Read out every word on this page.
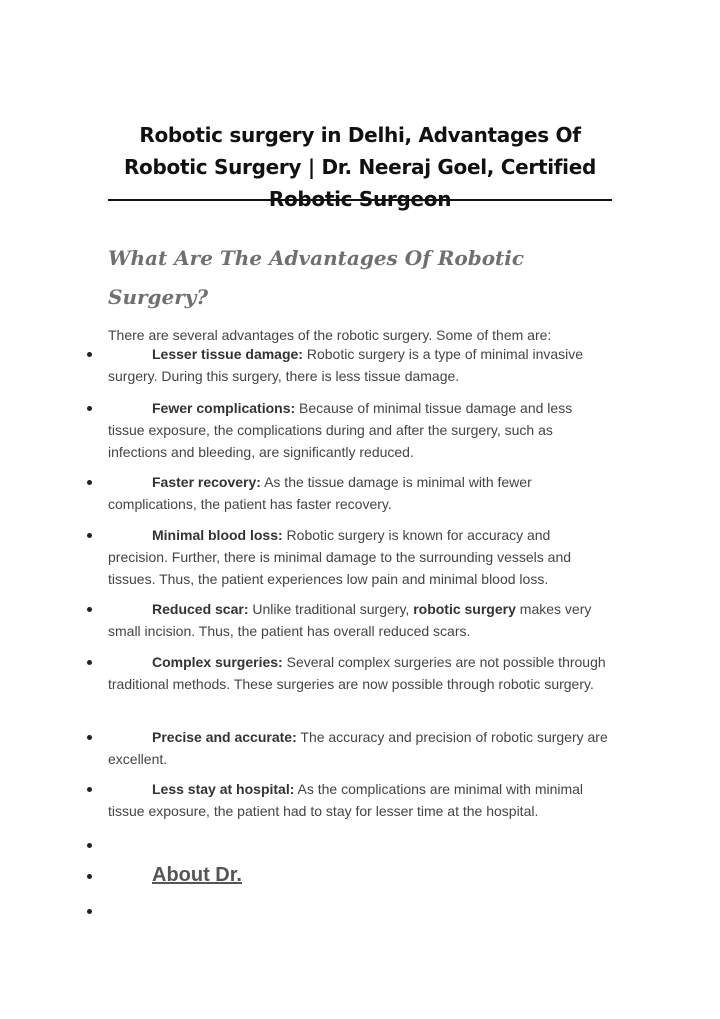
Robotic surgery in Delhi, Advantages Of Robotic Surgery | Dr. Neeraj Goel, Certified Robotic Surgeon
What Are The Advantages Of Robotic Surgery?

There are several advantages of the robotic surgery. Some of them are:

Lesser tissue damage: Robotic surgery is a type of minimal invasive surgery. During this surgery, there is less tissue damage.

Fewer complications: Because of minimal tissue damage and less tissue exposure, the complications during and after the surgery, such as infections and bleeding, are significantly reduced.

Faster recovery: As the tissue damage is minimal with fewer complications, the patient has faster recovery.

Minimal blood loss: Robotic surgery is known for accuracy and precision. Further, there is minimal damage to the surrounding vessels and tissues. Thus, the patient experiences low pain and minimal blood loss.

Reduced scar: Unlike traditional surgery, robotic surgery makes very small incision. Thus, the patient has overall reduced scars.

Complex surgeries: Several complex surgeries are not possible through traditional methods. These surgeries are now possible through robotic surgery.

Precise and accurate: The accuracy and precision of robotic surgery are excellent.

Less stay at hospital: As the complications are minimal with minimal tissue exposure, the patient had to stay for lesser time at the hospital.

About Dr.
